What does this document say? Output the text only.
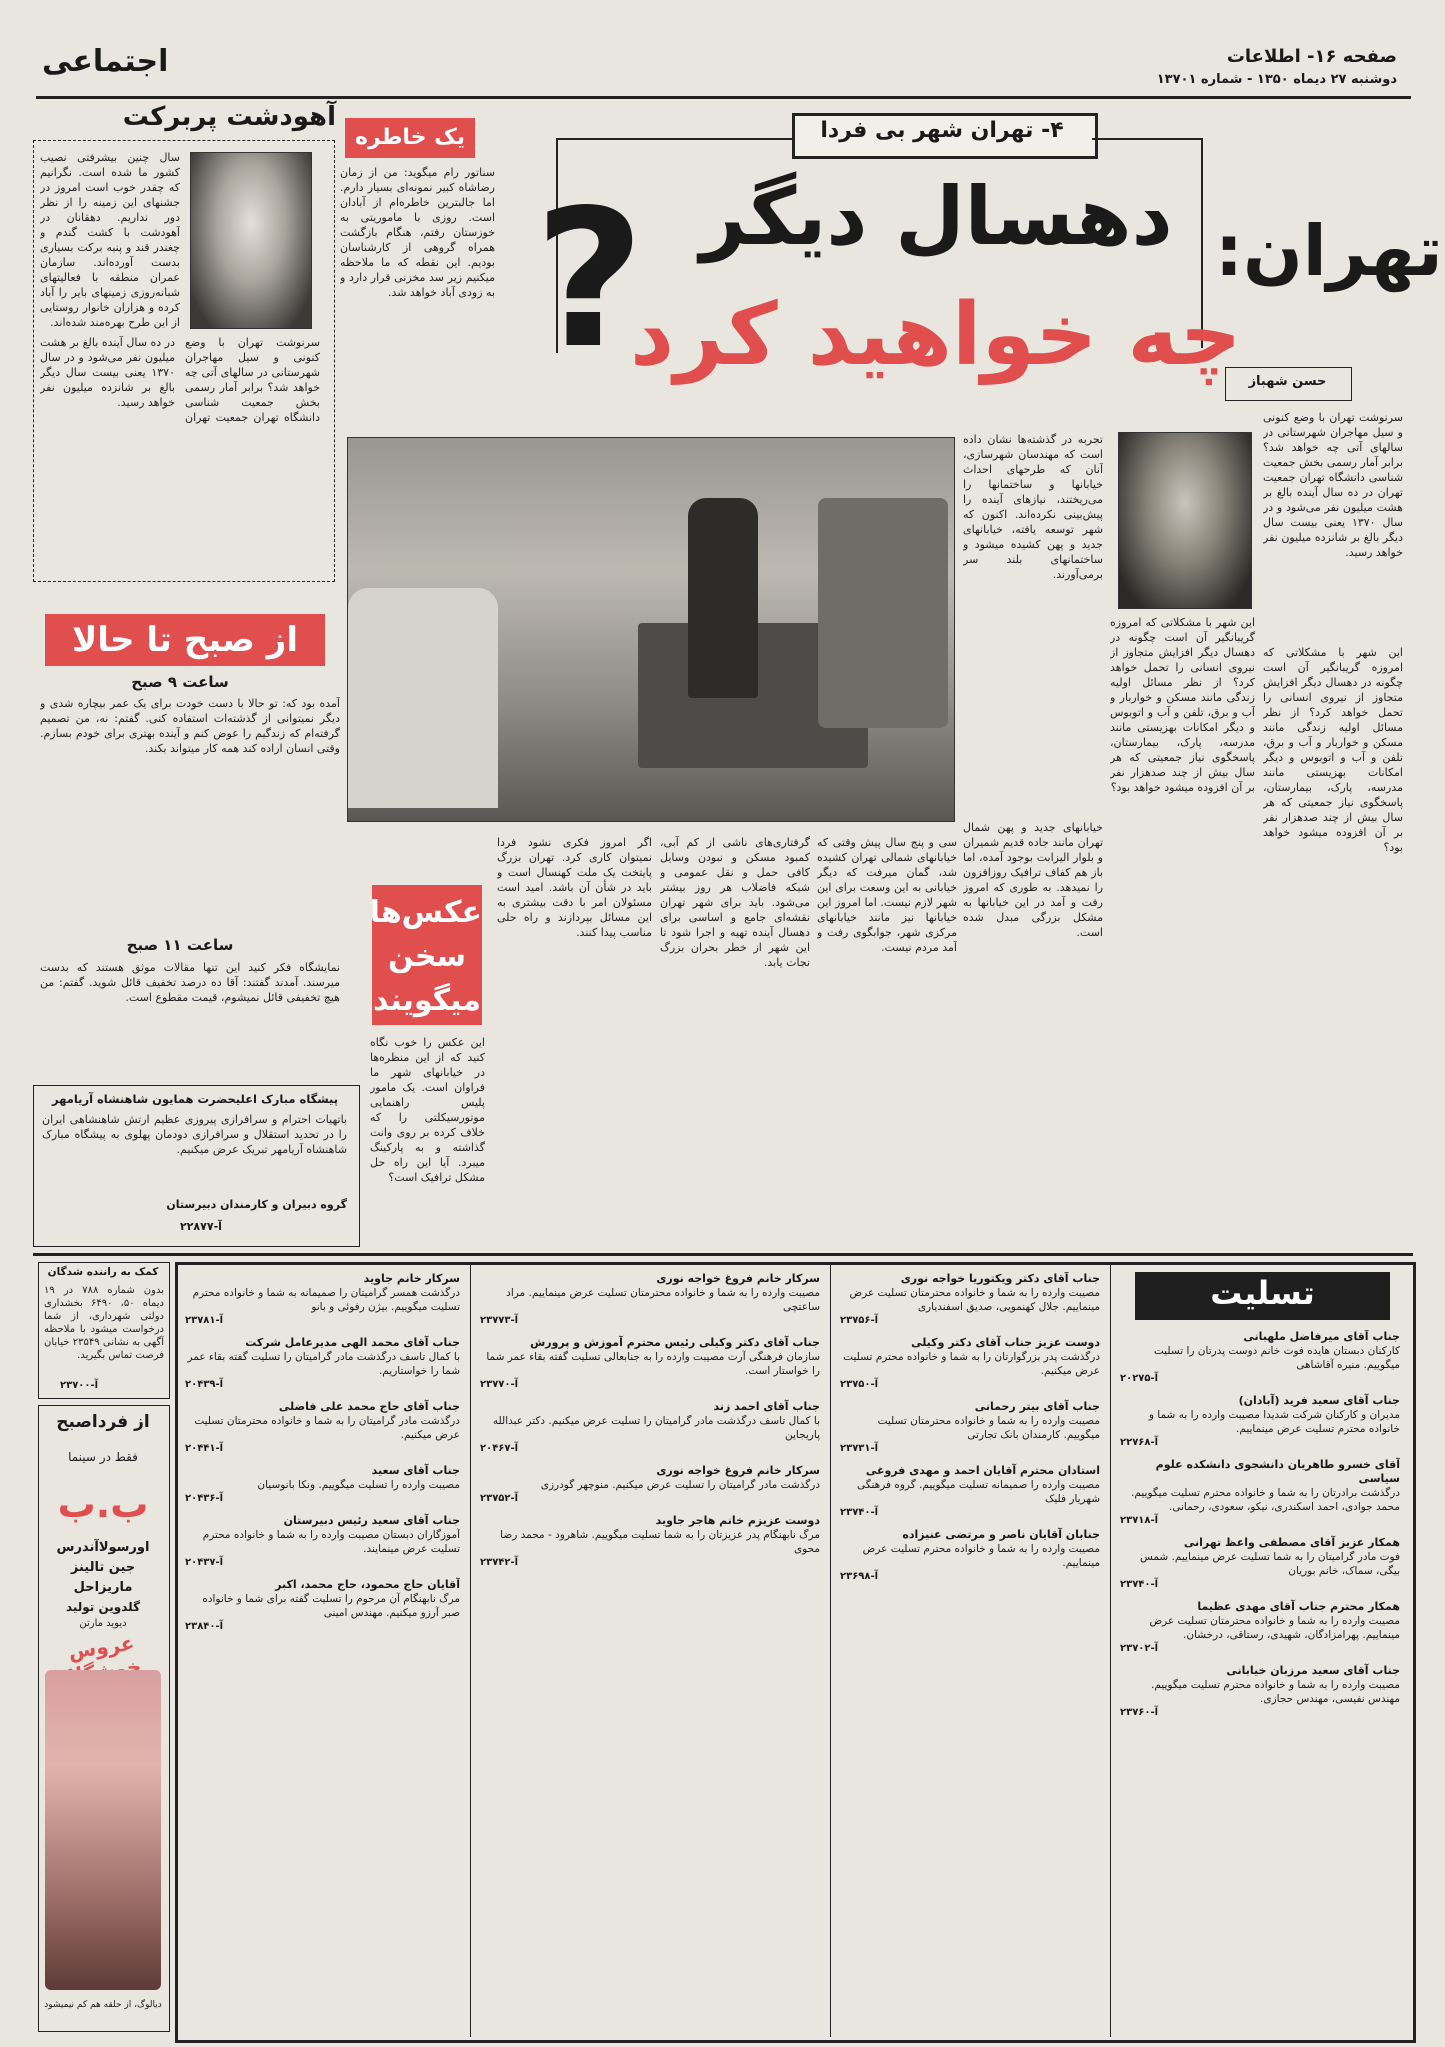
اجتماعی	صفحه ۱۶- اطلاعات
دوشنبه ۲۷ دیماه ۱۳۵۰ - شماره ۱۳۷۰۱
آهودشت پربرکت
سال چنین بیشرفتی نصیب کشور ما شده است. نگرانیم که چقدر خوب است امروز در جشنهای این زمینه را از نظر دور نداریم. دهقانان در آهودشت با کشت گندم و چغندر قند و پنبه برکت بسیاری بدست آورده‌اند. سازمان عمران منطقه با فعالیتهای شبانه‌روزی زمینهای بایر را آباد کرده و هزاران خانوار روستایی از این طرح بهره‌مند شده‌اند.
سرنوشت تهران با وضع کنونی و سیل مهاجران شهرستانی در سالهای آتی چه خواهد شد؟ برابر آمار رسمی بخش جمعیت شناسی دانشگاه تهران جمعیت تهران در ده سال آینده بالغ بر هشت میلیون نفر می‌شود و در سال ۱۳۷۰ یعنی بیست سال دیگر بالغ بر شانزده میلیون نفر خواهد رسید.
یک خاطره
سناتور رام میگوید: من از زمان رضاشاه کبیر نمونه‌ای بسیار دارم. اما جالبترین خاطره‌ام از آبادان است. روزی با ماموریتی به خوزستان رفتم، هنگام بازگشت همراه گروهی از کارشناسان بودیم. این نقطه که ما ملاحظه میکنیم زیر سد مخزنی قرار دارد و به زودی آباد خواهد شد.
از صبح تا حالا
ساعت ۹ صبح
آمده بود که: تو حالا با دست خودت برای یک عمر بیچاره شدی و دیگر نمیتوانی از گذشته‌ات استفاده کنی. گفتم: نه، من تصمیم گرفته‌ام که زندگیم را عوض کنم و آینده بهتری برای خودم بسازم. وقتی انسان اراده کند همه کار میتواند بکند.
ساعت ۱۱ صبح
نمایشگاه فکر کنید این تنها مقالات موثق هستند که بدست میرسند. آمدند گفتند: آقا ده درصد تخفیف قائل شوید. گفتم: من هیچ تخفیفی قائل نمیشوم، قیمت مقطوع است.
پیشگاه مبارک اعلیحضرت همایون شاهنشاه آریامهر
باتهیات احترام و سرافرازی پیروزی عظیم ارتش شاهنشاهی ایران را در تحدید استقلال و سرافرازی دودمان پهلوی به پیشگاه مبارک شاهنشاه آریامهر تبریک عرض میکنیم.
گروه دبیران و کارمندان دبیرستان
آ-۲۲۸۷۷
عکس‌ها سخن میگویند
این عکس را خوب نگاه کنید که از این منظره‌ها در خیابانهای شهر ما فراوان است. یک مامور پلیس راهنمایی موتورسیکلتی را که خلاف کرده بر روی وانت گذاشته و به پارکینگ میبرد. آیا این راه حل مشکل ترافیک است؟
۴- تهران شهر بی فردا
دهسال دیگر تهران:
چه خواهید کرد
؟	حسن شهباز
سرنوشت تهران با وضع کنونی و سیل مهاجران شهرستانی در سالهای آتی چه خواهد شد؟ برابر آمار رسمی بخش جمعیت شناسی دانشگاه تهران جمعیت تهران در ده سال آینده بالغ بر هشت میلیون نفر می‌شود و در سال ۱۳۷۰ یعنی بیست سال دیگر بالغ بر شانزده میلیون نفر خواهد رسید.
این شهر با مشکلاتی که امروزه گریبانگیر آن است چگونه در دهسال دیگر افزایش متجاوز از نیروی انسانی را تحمل خواهد کرد؟ از نظر مسائل اولیه زندگی مانند مسکن و خواربار و آب و برق، تلفن و آب و اتوبوس و دیگر امکانات بهزیستی مانند مدرسه، پارک، بیمارستان، پاسخگوی نیاز جمعیتی که هر سال بیش از چند صدهزار نفر بر آن افزوده میشود خواهد بود؟
این شهر با مشکلاتی که امروزه گریبانگیر آن است چگونه در دهسال دیگر افزایش متجاوز از نیروی انسانی را تحمل خواهد کرد؟ از نظر مسائل اولیه زندگی مانند مسکن و خواربار و آب و برق، تلفن و آب و اتوبوس و دیگر امکانات بهزیستی مانند مدرسه، پارک، بیمارستان، پاسخگوی نیاز جمعیتی که هر سال بیش از چند صدهزار نفر بر آن افزوده میشود خواهد بود؟
تجربه در گذشته‌ها نشان داده است که مهندسان شهرسازی، آنان که طرحهای احداث خیابانها و ساختمانها را می‌ریختند، نیازهای آینده را پیش‌بینی نکرده‌اند. اکنون که شهر توسعه یافته، خیابانهای جدید و پهن کشیده میشود و ساختمانهای بلند سر برمی‌آورند.
خیابانهای جدید و پهن شمال تهران مانند جاده قدیم شمیران و بلوار الیزابت بوجود آمده، اما باز هم کفاف ترافیک روزافزون را نمیدهد. به طوری که امروز رفت و آمد در این خیابانها به مشکل بزرگی مبدل شده است.
سی و پنج سال پیش وقتی که خیابانهای شمالی تهران کشیده شد، گمان میرفت که دیگر خیابانی به این وسعت برای این شهر لازم نیست. اما امروز این خیابانها نیز مانند خیابانهای مرکزی شهر، جوابگوی رفت و آمد مردم نیست.
گرفتاری‌های ناشی از کم آبی، کمبود مسکن و نبودن وسایل کافی حمل و نقل عمومی و شبکه فاضلاب هر روز بیشتر می‌شود. باید برای شهر تهران نقشه‌ای جامع و اساسی برای دهسال آینده تهیه و اجرا شود تا این شهر از خطر بحران بزرگ نجات یابد.
اگر امروز فکری نشود فردا نمیتوان کاری کرد. تهران بزرگ پایتخت یک ملت کهنسال است و باید در شأن آن باشد. امید است مسئولان امر با دقت بیشتری به این مسائل بپردازند و راه حلی مناسب پیدا کنند.
کمک به راننده شدگان
بدون شماره ۷۸۸ در ۱۹ دیماه ۵۰، ۶۴۹۰ بخشداری دولتی شهرداری، از شما درخواست میشود با ملاحظه آگهی به نشانی ۲۳۵۴۹ خیابان فرصت تماس بگیرید.
آ-۲۳۷۰۰
از فرداصبح
فقط در سینما
ب.ب
اورسولاآندرس
جین تالینز
ماریزاحل
گلدوین تولید
دیوید مارتن
عروس
دیالوگ، از حلقه هم کم نیمیشود
تسلیت
جناب آقای میرفاضل ملهبانی
کارکنان دبستان هایده فوت خانم دوست پدرتان را تسلیت میگوییم. منیره آقاشاهی
آ-۲۰۲۷۵
جناب آقای سعید فرید (آبادان)
مدیران و کارکنان شرکت شدیدا مصیبت وارده را به شما و خانواده محترم تسلیت عرض مینماییم.
آ-۲۲۷۶۸
آقای خسرو طاهریان دانشجوی دانشکده علوم سیاسی
درگذشت برادرتان را به شما و خانواده محترم تسلیت میگوییم. محمد جوادی، احمد اسکندری، نیکو، سعودی، رحمانی.
آ-۲۳۷۱۸
همکار عزیز آقای مصطفی واعظ تهرانی
فوت مادر گرامیتان را به شما تسلیت عرض مینماییم. شمس بیگی، سماک، خانم بوریان
آ-۲۳۷۴۰
همکار محترم جناب آقای مهدی عظیما
مصیبت وارده را به شما و خانواده محترمتان تسلیت عرض مینماییم. پهرامزادگان، شهیدی، رستاقی، درخشان.
آ-۲۳۷۰۲
جناب آقای سعید مرزبان خیابانی
مصیبت وارده را به شما و خانواده محترم تسلیت میگوییم. مهندس نفیسی، مهندس حجازی.
آ-۲۳۷۶۰
جناب آقای دکتر ویکتوریا خواجه نوری
مصیبت وارده را به شما و خانواده محترمتان تسلیت عرض مینماییم. جلال کهنمویی، صدیق اسفندیاری
آ-۲۳۷۵۶
دوست عزیز جناب آقای دکتر وکیلی
درگذشت پدر بزرگوارتان را به شما و خانواده محترم تسلیت عرض میکنیم.
آ-۲۳۷۵۰
جناب آقای بیتر رحمانی
مصیبت وارده را به شما و خانواده محترمتان تسلیت میگوییم. کارمندان بانک تجارتی
آ-۲۳۷۳۱
استادان محترم آقایان احمد و مهدی فروغی
مصیبت وارده را صمیمانه تسلیت میگوییم. گروه فرهنگی شهریار فلیک
آ-۲۳۷۴۰
جنابان آقایان ناصر و مرتضی عنیزاده
مصیبت وارده را به شما و خانواده محترم تسلیت عرض مینماییم.
آ-۲۳۶۹۸
سرکار خانم فروغ خواجه نوری
مصیبت وارده را به شما و خانواده محترمتان تسلیت عرض مینماییم. مراد ساعتچی
آ-۲۳۷۷۳
جناب آقای دکتر وکیلی رئیس محترم آموزش و پرورش
سازمان فرهنگی آرت مصیبت وارده را به جنابعالی تسلیت گفته بقاء عمر شما را خواستار است.
آ-۲۳۷۷۰
جناب آقای احمد زند
با کمال تاسف درگذشت مادر گرامیتان را تسلیت عرض میکنیم. دکتر عبدالله پاریجاین
آ-۲۰۴۶۷
سرکار خانم فروغ خواجه نوری
درگذشت مادر گرامیتان را تسلیت عرض میکنیم. منوچهر گودرزی
آ-۲۳۷۵۲
دوست عزیزم خانم هاجر جاوید
مرگ نابهنگام پدر عزیزتان را به شما تسلیت میگوییم. شاهرود - محمد رضا محوی
آ-۲۳۷۴۲
سرکار خانم جاوید
درگذشت همسر گرامیتان را صمیمانه به شما و خانواده محترم تسلیت میگوییم. بیژن رفوئی و بانو
آ-۲۳۷۸۱
جناب آقای محمد الهی مدیرعامل شرکت
با کمال تاسف درگذشت مادر گرامیتان را تسلیت گفته بقاء عمر شما را خواستاریم.
آ-۲۰۴۳۹
جناب آقای حاج محمد علی فاضلی
درگذشت مادر گرامیتان را به شما و خانواده محترمتان تسلیت عرض میکنیم.
آ-۲۰۴۴۱
جناب آقای سعید
مصیبت وارده را تسلیت میگوییم. ونکا بانوسیان
آ-۲۰۴۳۶
جناب آقای سعید رئیس دبیرستان
آموزگاران دبستان مصیبت وارده را به شما و خانواده محترم تسلیت عرض مینمایند.
آ-۲۰۴۳۷
آقایان حاج محمود، حاج محمد، اکبر
مرگ نابهنگام آن مرحوم را تسلیت گفته برای شما و خانواده صبر آرزو میکنیم. مهندس امینی
آ-۲۳۸۴۰
